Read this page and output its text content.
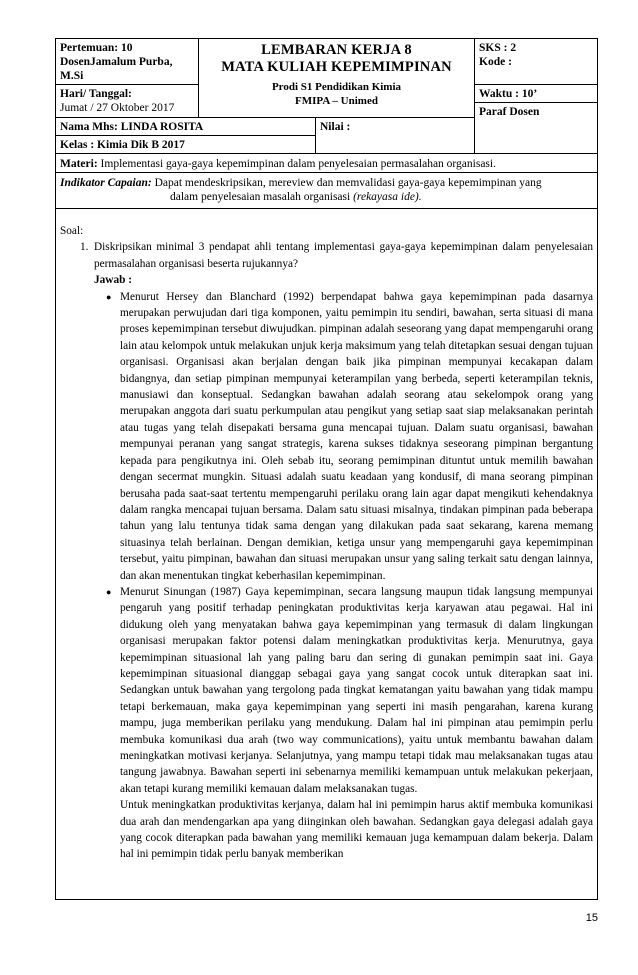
Pertemuan: 10
DosenJamalum Purba,
M.Si
Hari/ Tanggal:
Jumat / 27 Oktober 2017
LEMBARAN KERJA 8
MATA KULIAH KEPEMIMPINAN
Prodi S1 Pendidikan Kimia
FMIPA – Unimed
SKS : 2
Kode :
Waktu : 10’
Paraf Dosen
Nama Mhs: LINDA ROSITA
Kelas : Kimia Dik B 2017
Nilai :
Materi: Implementasi gaya-gaya kepemimpinan dalam penyelesaian permasalahan organisasi.
Indikator Capaian: Dapat mendeskripsikan, mereview dan memvalidasi gaya-gaya kepemimpinan yang
dalam penyelesaian masalah organisasi (rekayasa ide).

Soal:

1. Diskripsikan minimal 3 pendapat ahli tentang implementasi gaya-gaya kepemimpinan dalam penyelesaian permasalahan organisasi beserta rujukannya?

Jawab :

● Menurut Hersey dan Blanchard (1992) berpendapat bahwa gaya kepemimpinan pada dasarnya merupakan perwujudan dari tiga komponen, yaitu pemimpin itu sendiri, bawahan, serta situasi di mana proses kepemimpinan tersebut diwujudkan. pimpinan adalah seseorang yang dapat mempengaruhi orang lain atau kelompok untuk melakukan unjuk kerja maksimum yang telah ditetapkan sesuai dengan tujuan organisasi. Organisasi akan berjalan dengan baik jika pimpinan mempunyai kecakapan dalam bidangnya, dan setiap pimpinan mempunyai keterampilan yang berbeda, seperti keterampilan teknis, manusiawi dan konseptual. Sedangkan bawahan adalah seorang atau sekelompok orang yang merupakan anggota dari suatu perkumpulan atau pengikut yang setiap saat siap melaksanakan perintah atau tugas yang telah disepakati bersama guna mencapai tujuan. Dalam suatu organisasi, bawahan mempunyai peranan yang sangat strategis, karena sukses tidaknya seseorang pimpinan bergantung kepada para pengikutnya ini. Oleh sebab itu, seorang pemimpinan dituntut untuk memilih bawahan dengan secermat mungkin. Situasi adalah suatu keadaan yang kondusif, di mana seorang pimpinan berusaha pada saat-saat tertentu mempengaruhi perilaku orang lain agar dapat mengikuti kehendaknya dalam rangka mencapai tujuan bersama. Dalam satu situasi misalnya, tindakan pimpinan pada beberapa tahun yang lalu tentunya tidak sama dengan yang dilakukan pada saat sekarang, karena memang situasinya telah berlainan. Dengan demikian, ketiga unsur yang mempengaruhi gaya kepemimpinan tersebut, yaitu pimpinan, bawahan dan situasi merupakan unsur yang saling terkait satu dengan lainnya, dan akan menentukan tingkat keberhasilan kepemimpinan.

● Menurut Sinungan (1987) Gaya kepemimpinan, secara langsung maupun tidak langsung mempunyai pengaruh yang positif terhadap peningkatan produktivitas kerja karyawan atau pegawai. Hal ini didukung oleh yang menyatakan bahwa gaya kepemimpinan yang termasuk di dalam lingkungan organisasi merupakan faktor potensi dalam meningkatkan produktivitas kerja. Menurutnya, gaya kepemimpinan situasional lah yang paling baru dan sering di gunakan pemimpin saat ini. Gaya kepemimpinan situasional dianggap sebagai gaya yang sangat cocok untuk diterapkan saat ini. Sedangkan untuk bawahan yang tergolong pada tingkat kematangan yaitu bawahan yang tidak mampu tetapi berkemauan, maka gaya kepemimpinan yang seperti ini masih pengarahan, karena kurang mampu, juga memberikan perilaku yang mendukung. Dalam hal ini pimpinan atau pemimpin perlu membuka komunikasi dua arah (two way communications), yaitu untuk membantu bawahan dalam meningkatkan motivasi kerjanya. Selanjutnya, yang mampu tetapi tidak mau melaksanakan tugas atau tangung jawabnya. Bawahan seperti ini sebenarnya memiliki kemampuan untuk melakukan pekerjaan, akan tetapi kurang memiliki kemauan dalam melaksanakan tugas.

Untuk meningkatkan produktivitas kerjanya, dalam hal ini pemimpin harus aktif membuka komunikasi dua arah dan mendengarkan apa yang diinginkan oleh bawahan. Sedangkan gaya delegasi adalah gaya yang cocok diterapkan pada bawahan yang memiliki kemauan juga kemampuan dalam bekerja. Dalam hal ini pemimpin tidak perlu banyak memberikan

15
